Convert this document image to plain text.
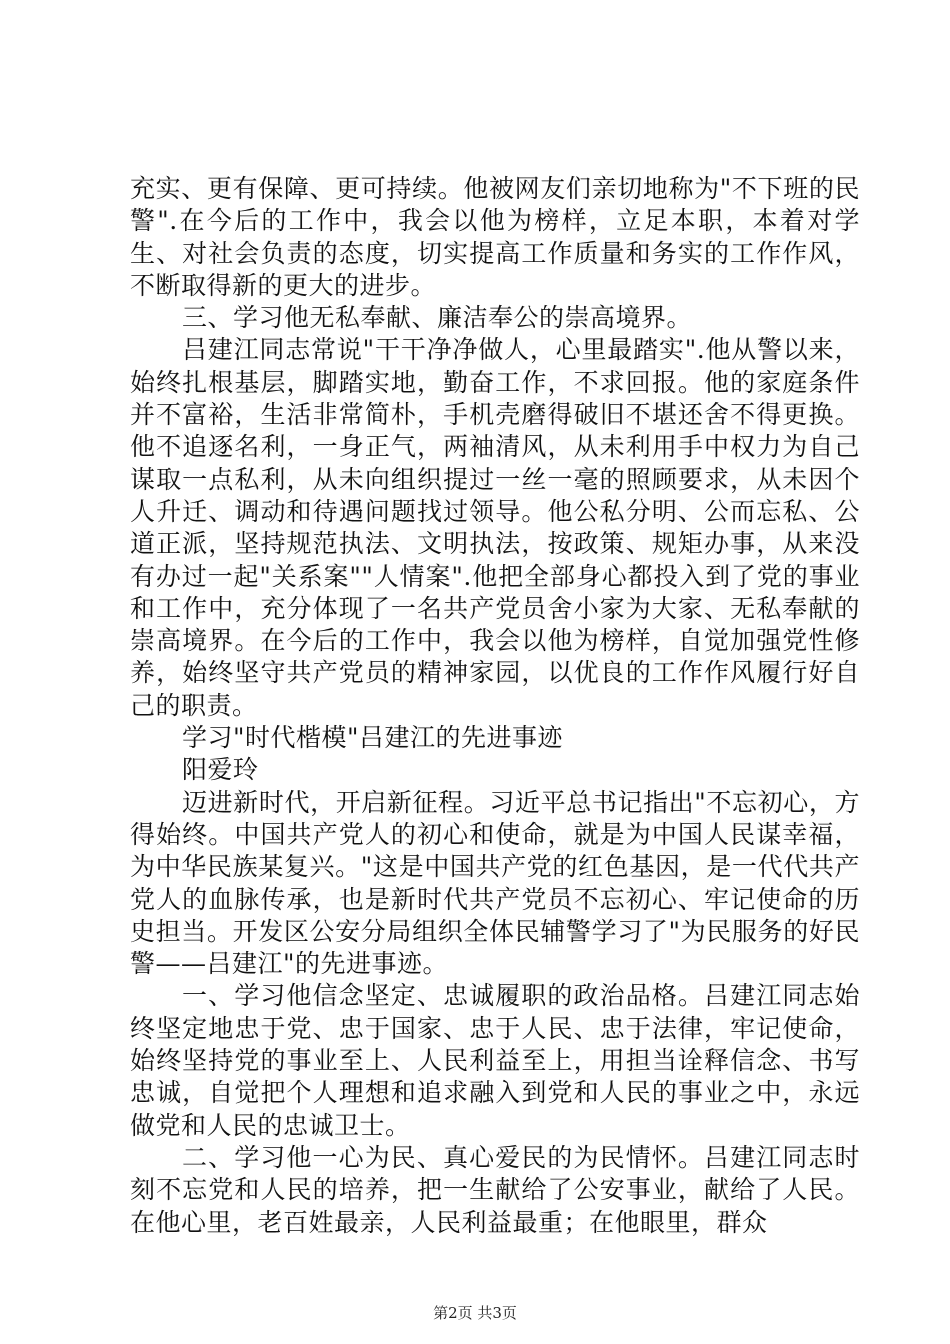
充实、更有保障、更可持续。他被网友们亲切地称为"不下班的民警".在今后的工作中，我会以他为榜样，立足本职，本着对学生、对社会负责的态度，切实提高工作质量和务实的工作作风，不断取得新的更大的进步。

三、学习他无私奉献、廉洁奉公的崇高境界。

吕建江同志常说"干干净净做人，心里最踏实".他从警以来，始终扎根基层，脚踏实地，勤奋工作，不求回报。他的家庭条件并不富裕，生活非常简朴，手机壳磨得破旧不堪还舍不得更换。他不追逐名利，一身正气，两袖清风，从未利用手中权力为自己谋取一点私利，从未向组织提过一丝一毫的照顾要求，从未因个人升迁、调动和待遇问题找过领导。他公私分明、公而忘私、公道正派，坚持规范执法、文明执法，按政策、规矩办事，从来没有办过一起"关系案""人情案".他把全部身心都投入到了党的事业和工作中，充分体现了一名共产党员舍小家为大家、无私奉献的崇高境界。在今后的工作中，我会以他为榜样，自觉加强党性修养，始终坚守共产党员的精神家园，以优良的工作作风履行好自己的职责。

学习"时代楷模"吕建江的先进事迹

阳爱玲

迈进新时代，开启新征程。习近平总书记指出"不忘初心，方得始终。中国共产党人的初心和使命，就是为中国人民谋幸福，为中华民族某复兴。"这是中国共产党的红色基因，是一代代共产党人的血脉传承，也是新时代共产党员不忘初心、牢记使命的历史担当。开发区公安分局组织全体民辅警学习了"为民服务的好民警——吕建江"的先进事迹。

一、学习他信念坚定、忠诚履职的政治品格。吕建江同志始终坚定地忠于党、忠于国家、忠于人民、忠于法律，牢记使命，始终坚持党的事业至上、人民利益至上，用担当诠释信念、书写忠诚，自觉把个人理想和追求融入到党和人民的事业之中，永远做党和人民的忠诚卫士。

二、学习他一心为民、真心爱民的为民情怀。吕建江同志时刻不忘党和人民的培养，把一生献给了公安事业，献给了人民。在他心里，老百姓最亲，人民利益最重；在他眼里，群众

第2页 共3页
